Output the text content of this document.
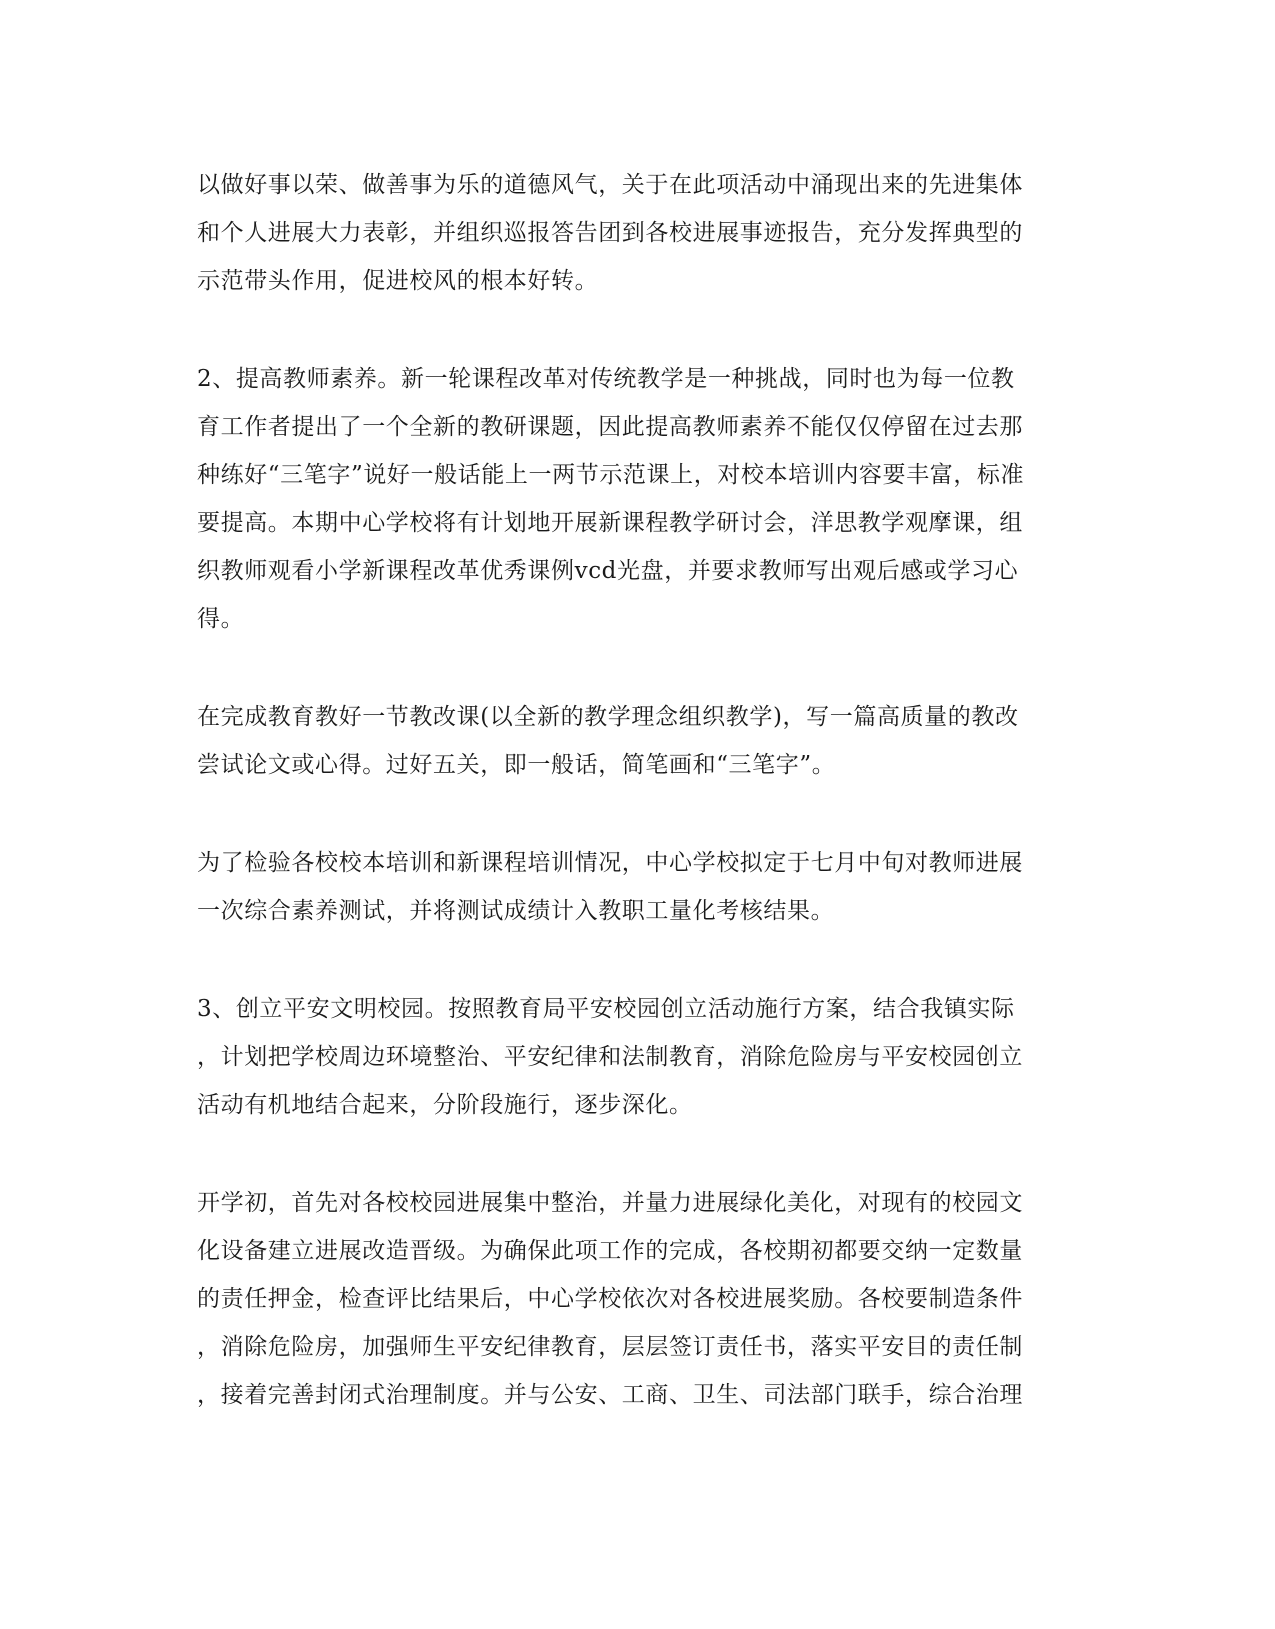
以做好事以荣、做善事为乐的道德风气，关于在此项活动中涌现出来的先进集体
和个人进展大力表彰，并组织巡报答告团到各校进展事迹报告，充分发挥典型的
示范带头作用，促进校风的根本好转。
2、提高教师素养。新一轮课程改革对传统教学是一种挑战，同时也为每一位教
育工作者提出了一个全新的教研课题，因此提高教师素养不能仅仅停留在过去那
种练好“三笔字”说好一般话能上一两节示范课上，对校本培训内容要丰富，标准
要提高。本期中心学校将有计划地开展新课程教学研讨会，洋思教学观摩课，组
织教师观看小学新课程改革优秀课例vcd光盘，并要求教师写出观后感或学习心
得。
在完成教育教好一节教改课(以全新的教学理念组织教学)，写一篇高质量的教改
尝试论文或心得。过好五关，即一般话，简笔画和“三笔字”。
为了检验各校校本培训和新课程培训情况，中心学校拟定于七月中旬对教师进展
一次综合素养测试，并将测试成绩计入教职工量化考核结果。
3、创立平安文明校园。按照教育局平安校园创立活动施行方案，结合我镇实际
，计划把学校周边环境整治、平安纪律和法制教育，消除危险房与平安校园创立
活动有机地结合起来，分阶段施行，逐步深化。
开学初，首先对各校校园进展集中整治，并量力进展绿化美化，对现有的校园文
化设备建立进展改造晋级。为确保此项工作的完成，各校期初都要交纳一定数量
的责任押金，检查评比结果后，中心学校依次对各校进展奖励。各校要制造条件
，消除危险房，加强师生平安纪律教育，层层签订责任书，落实平安目的责任制
，接着完善封闭式治理制度。并与公安、工商、卫生、司法部门联手，综合治理
